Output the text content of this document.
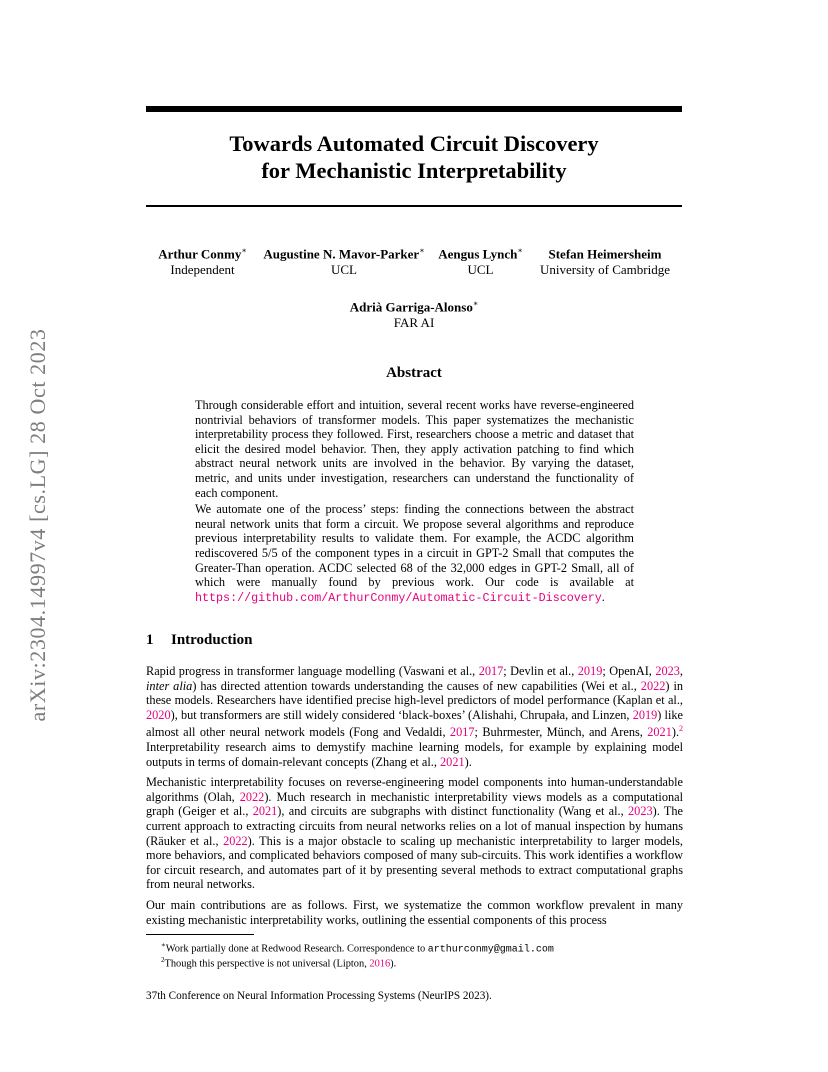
arXiv:2304.14997v4 [cs.LG] 28 Oct 2023
Towards Automated Circuit Discovery
for Mechanistic Interpretability
Arthur Conmy∗
Independent
Augustine N. Mavor-Parker∗
UCL
Aengus Lynch∗
UCL
Stefan Heimersheim
University of Cambridge
Adrià Garriga-Alonso∗
FAR AI
Abstract

Through considerable effort and intuition, several recent works have reverse-engineered nontrivial behaviors of transformer models. This paper systematizes the mechanistic interpretability process they followed. First, researchers choose a metric and dataset that elicit the desired model behavior. Then, they apply activation patching to find which abstract neural network units are involved in the behavior. By varying the dataset, metric, and units under investigation, researchers can understand the functionality of each component.

We automate one of the process’ steps: finding the connections between the abstract neural network units that form a circuit. We propose several algorithms and reproduce previous interpretability results to validate them. For example, the ACDC algorithm rediscovered 5/5 of the component types in a circuit in GPT-2 Small that computes the Greater-Than operation. ACDC selected 68 of the 32,000 edges in GPT-2 Small, all of which were manually found by previous work. Our code is available at https://github.com/ArthurConmy/Automatic-Circuit-Discovery.

1 Introduction

Rapid progress in transformer language modelling (Vaswani et al., 2017; Devlin et al., 2019; OpenAI, 2023, inter alia) has directed attention towards understanding the causes of new capabilities (Wei et al., 2022) in these models. Researchers have identified precise high-level predictors of model performance (Kaplan et al., 2020), but transformers are still widely considered ‘black-boxes’ (Alishahi, Chrupała, and Linzen, 2019) like almost all other neural network models (Fong and Vedaldi, 2017; Buhrmester, Münch, and Arens, 2021).$^2$ Interpretability research aims to demystify machine learning models, for example by explaining model outputs in terms of domain-relevant concepts (Zhang et al., 2021).

Mechanistic interpretability focuses on reverse-engineering model components into human-understandable algorithms (Olah, 2022). Much research in mechanistic interpretability views models as a computational graph (Geiger et al., 2021), and circuits are subgraphs with distinct functionality (Wang et al., 2023). The current approach to extracting circuits from neural networks relies on a lot of manual inspection by humans (Räuker et al., 2022). This is a major obstacle to scaling up mechanistic interpretability to larger models, more behaviors, and complicated behaviors composed of many sub-circuits. This work identifies a workflow for circuit research, and automates part of it by presenting several methods to extract computational graphs from neural networks.

Our main contributions are as follows. First, we systematize the common workflow prevalent in many existing mechanistic interpretability works, outlining the essential components of this process

∗Work partially done at Redwood Research. Correspondence to arthurconmy@gmail.com
$^2$Though this perspective is not universal (Lipton, 2016).
37th Conference on Neural Information Processing Systems (NeurIPS 2023).
